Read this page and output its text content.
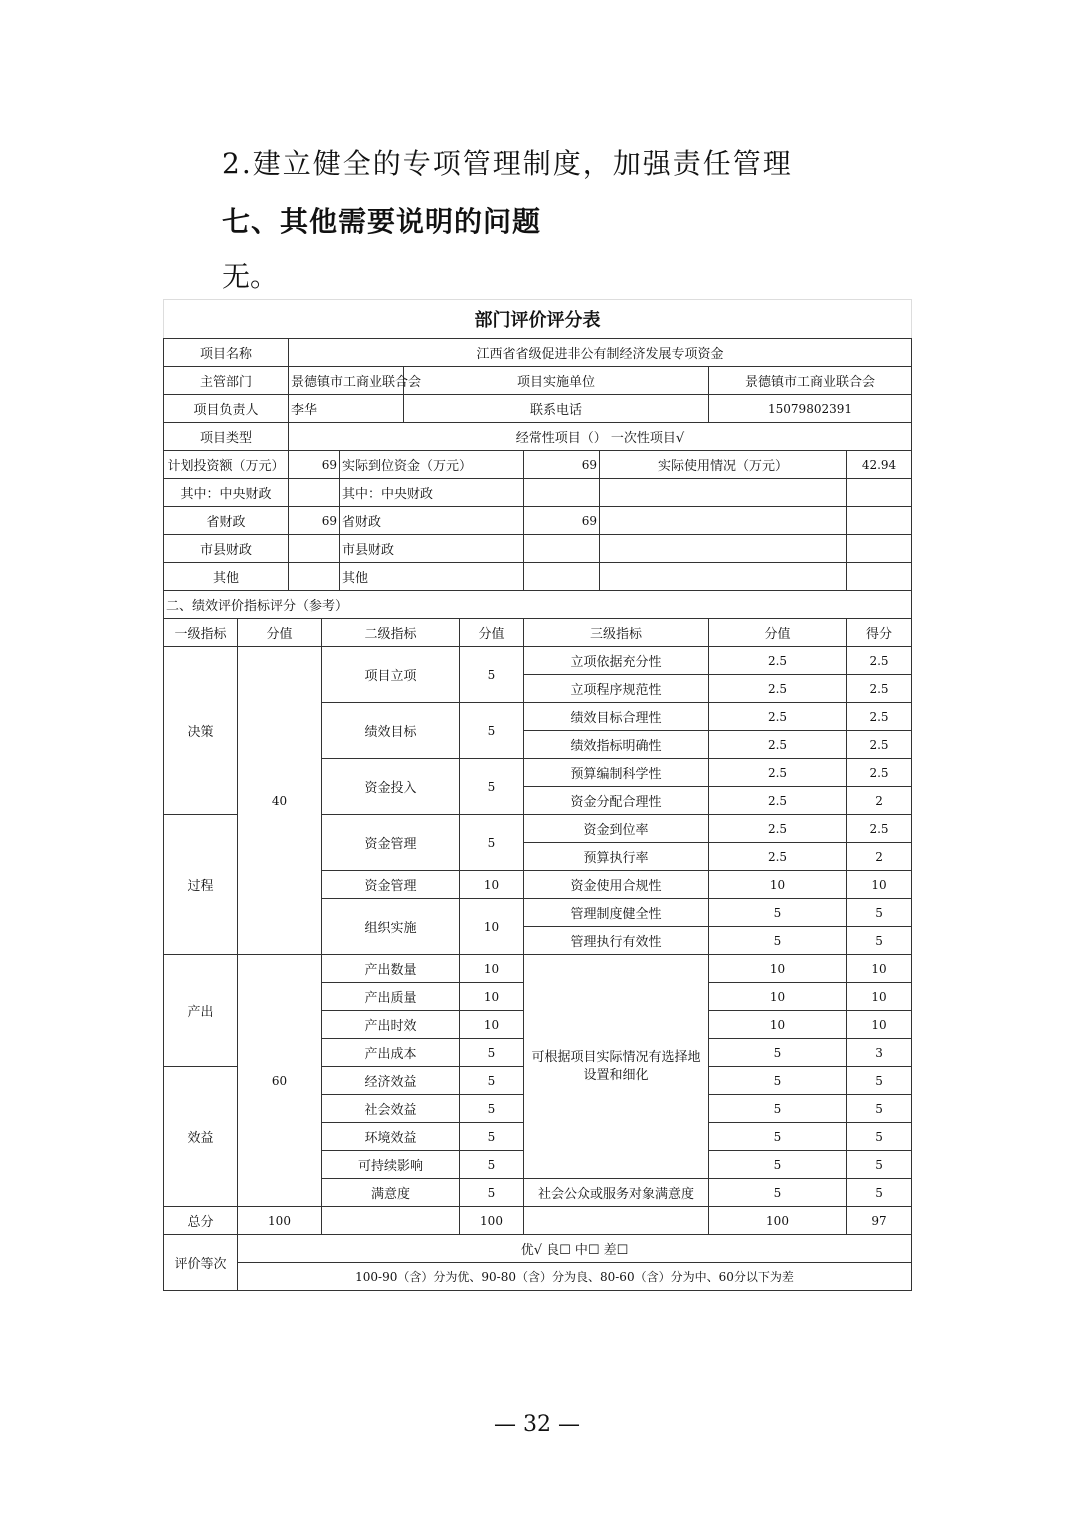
2.建立健全的专项管理制度，加强责任管理

七、其他需要说明的问题

无。

部门评价评分表										
项目名称		江西省省级促进非公有制经济发展专项资金								
主管部门		景德镇市工商业联合会			项目实施单位				景德镇市工商业联合会	
项目负责人		李华			联系电话				15079802391	
项目类型		经常性项目（） 一次性项目√								
计划投资额（万元）		69		实际到位资金（万元）			69	实际使用情况（万元）		42.94
其中：中央财政				其中：中央财政						
省财政		69		省财政			69			
市县财政				市县财政						
其他				其他						
二、绩效评价指标评分（参考）										
一级指标	分值		二级指标			分值	三级指标		分值	得分
决策	40		项目立项			5	立项依据充分性		2.5	2.5
							立项程序规范性		2.5	2.5
			绩效目标			5	绩效目标合理性		2.5	2.5
							绩效指标明确性		2.5	2.5
			资金投入			5	预算编制科学性		2.5	2.5
							资金分配合理性		2.5	2
过程			资金管理			5	资金到位率		2.5	2.5
							预算执行率		2.5	2
			资金管理			10	资金使用合规性		10	10
			组织实施			10	管理制度健全性		5	5
							管理执行有效性		5	5
产出	60		产出数量			10	可根据项目实际情况有选择地设置和细化		10	10
			产出质量			10			10	10
			产出时效			10			10	10
			产出成本			5			5	3
效益			经济效益			5			5	5
			社会效益			5			5	5
			环境效益			5			5	5
			可持续影响			5			5	5
			满意度			5	社会公众或服务对象满意度		5	5
总分	100					100			100	97
评价等次	优√ 良☐ 中☐ 差☐									
	100-90（含）分为优、90-80（含）分为良、80-60（含）分为中、60分以下为差									
— 32 —
